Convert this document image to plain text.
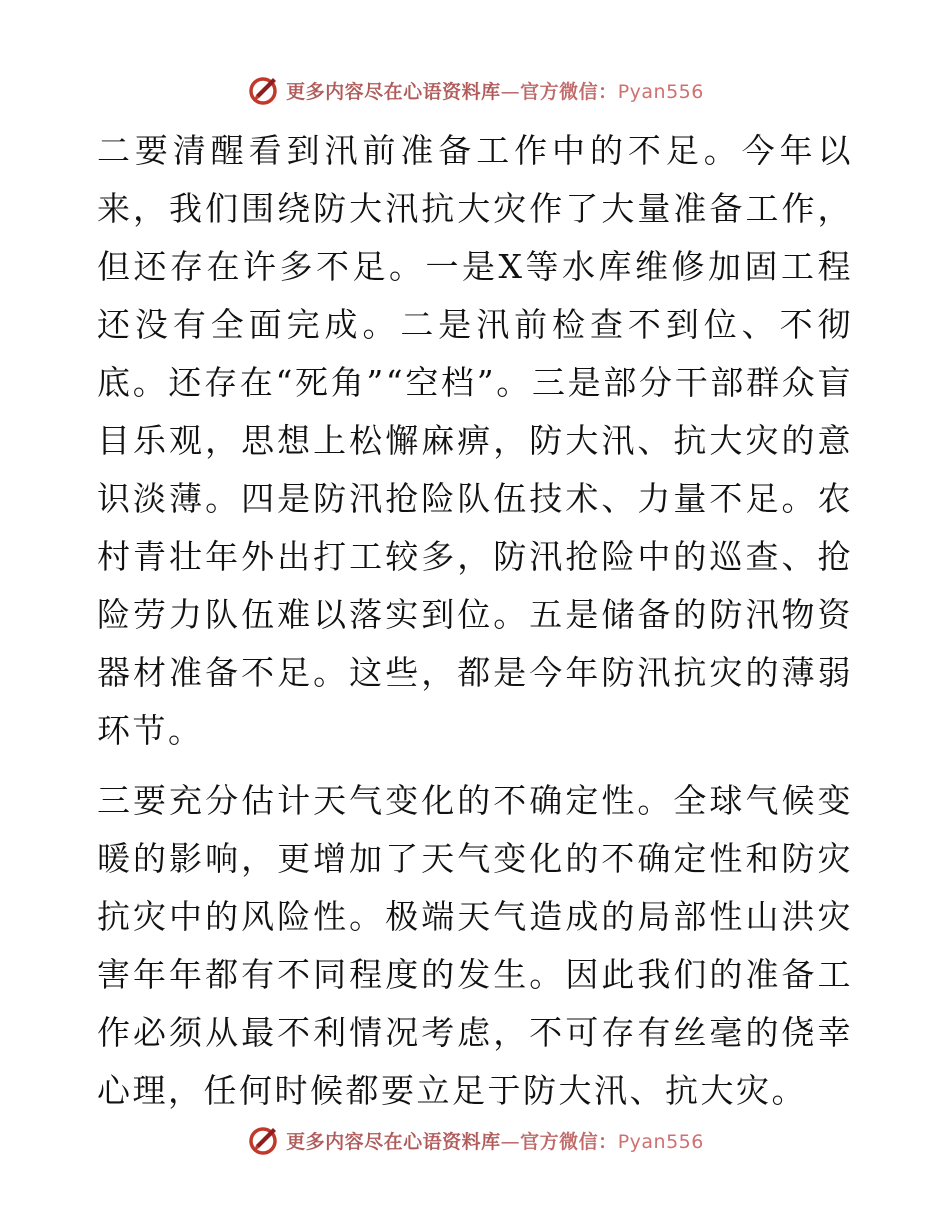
更多内容尽在心语资料库—官方微信：Pyan556

二要清醒看到汛前准备工作中的不足。今年以来，我们围绕防大汛抗大灾作了大量准备工作，但还存在许多不足。一是X等水库维修加固工程还没有全面完成。二是汛前检查不到位、不彻底。还存在“死角”“空档”。三是部分干部群众盲目乐观，思想上松懈麻痹，防大汛、抗大灾的意识淡薄。四是防汛抢险队伍技术、力量不足。农村青壮年外出打工较多，防汛抢险中的巡查、抢险劳力队伍难以落实到位。五是储备的防汛物资器材准备不足。这些，都是今年防汛抗灾的薄弱环节。

三要充分估计天气变化的不确定性。全球气候变暖的影响，更增加了天气变化的不确定性和防灾抗灾中的风险性。极端天气造成的局部性山洪灾害年年都有不同程度的发生。因此我们的准备工作必须从最不利情况考虑，不可存有丝毫的侥幸心理，任何时候都要立足于防大汛、抗大灾。

更多内容尽在心语资料库—官方微信：Pyan556
